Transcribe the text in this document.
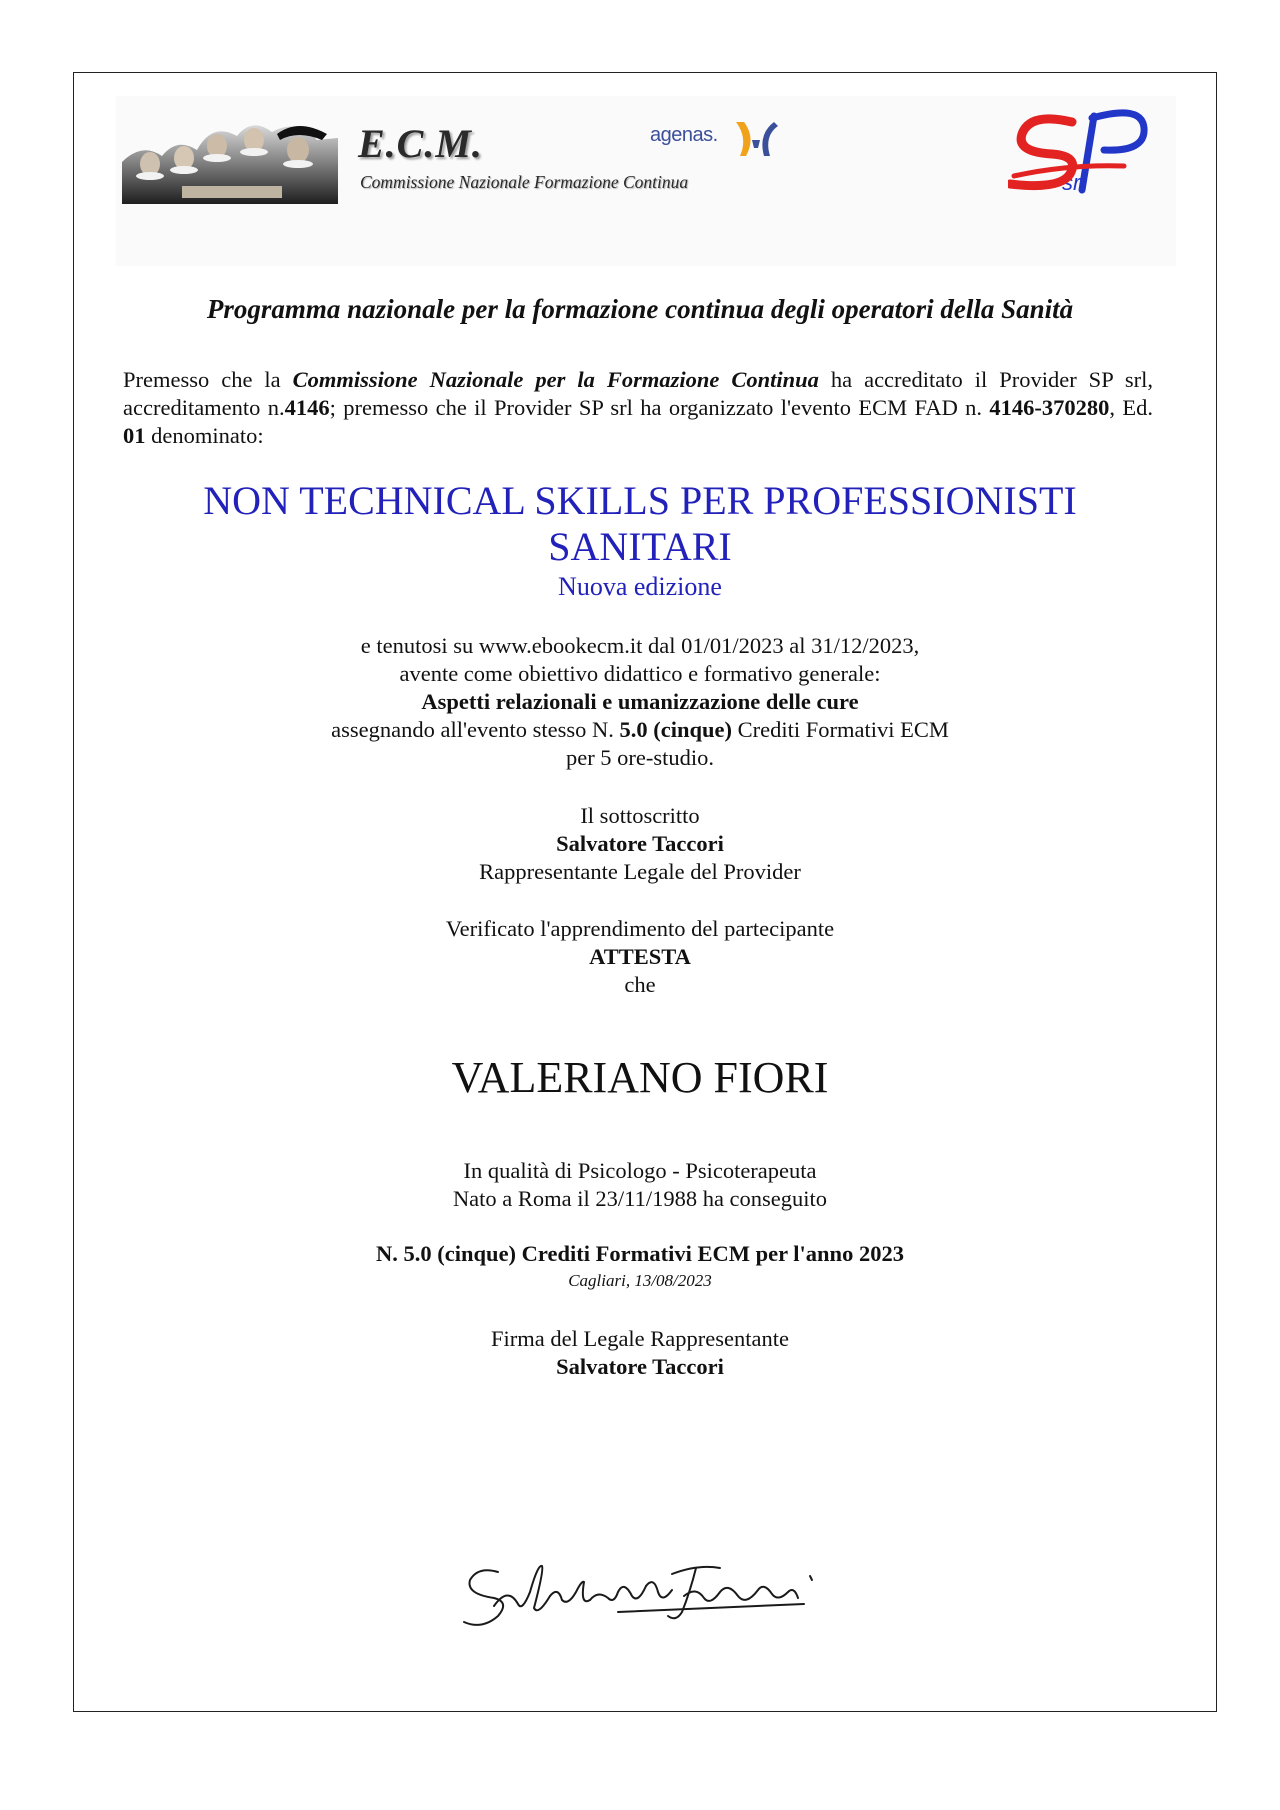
E.C.M.
Commissione Nazionale Formazione Continua
agenas.
srl
Programma nazionale per la formazione continua degli operatori della Sanità
Premesso che la Commissione Nazionale per la Formazione Continua ha accreditato il Provider SP srl, accreditamento n.4146; premesso che il Provider SP srl ha organizzato l'evento ECM FAD n. 4146-370280, Ed. 01 denominato:
NON TECHNICAL SKILLS PER PROFESSIONISTI
SANITARI
Nuova edizione
e tenutosi su www.ebookecm.it dal 01/01/2023 al 31/12/2023,
avente come obiettivo didattico e formativo generale:
Aspetti relazionali e umanizzazione delle cure
assegnando all'evento stesso N. 5.0 (cinque) Crediti Formativi ECM
per 5 ore-studio.
Il sottoscritto
Salvatore Taccori
Rappresentante Legale del Provider
Verificato l'apprendimento del partecipante
ATTESTA
che
VALERIANO FIORI
In qualità di Psicologo - Psicoterapeuta
Nato a Roma il 23/11/1988 ha conseguito
N. 5.0 (cinque) Crediti Formativi ECM per l'anno 2023
Cagliari, 13/08/2023
Firma del Legale Rappresentante
Salvatore Taccori
